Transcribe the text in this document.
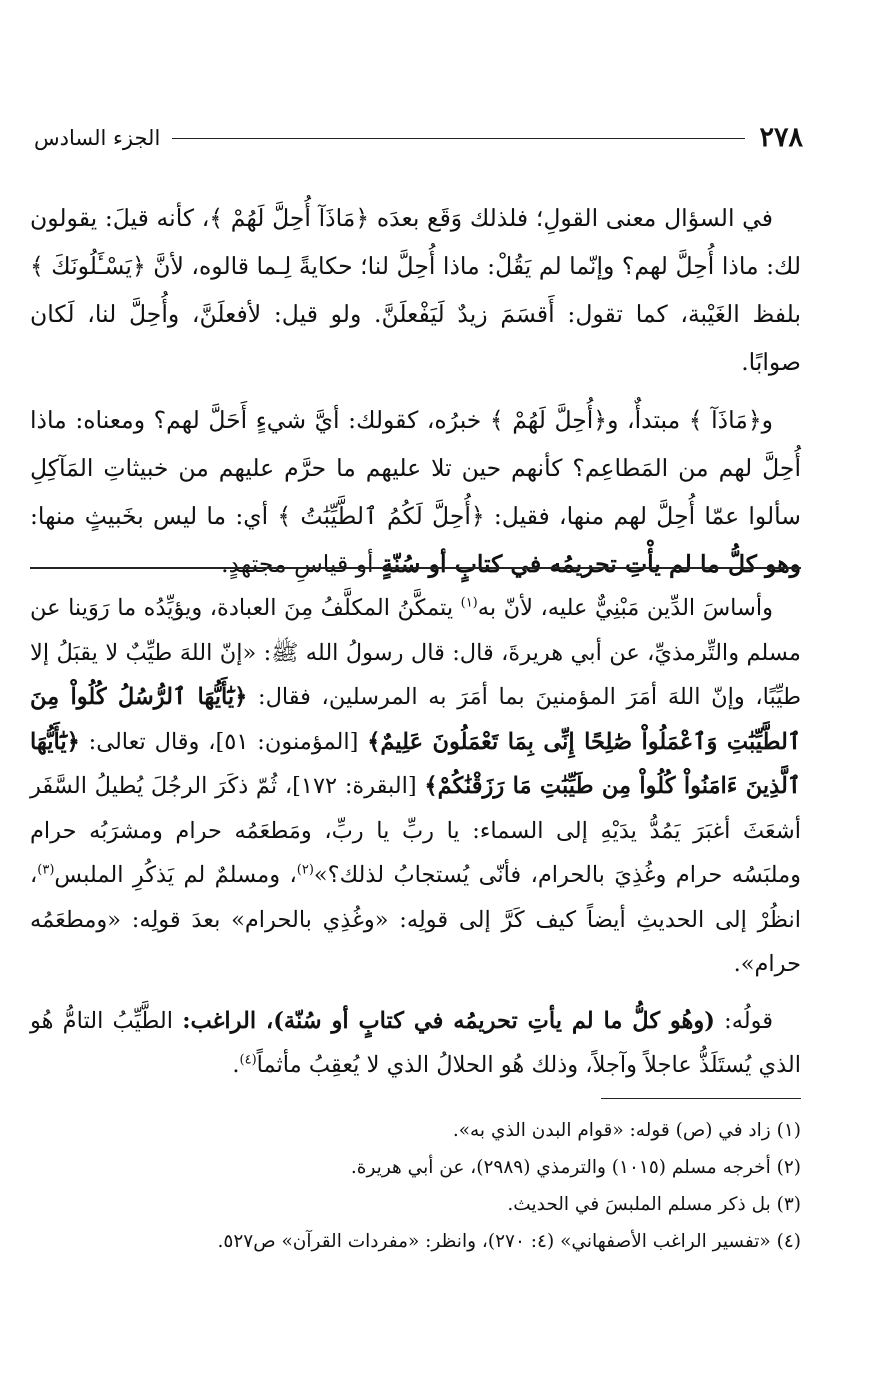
٢٧٨
الجزء السادس

في السؤال معنى القولِ؛ فلذلك وَقَع بعدَه ﴿مَاذَآ أُحِلَّ لَهُمْ ﴾، كأنه قيلَ: يقولون لك: ماذا أُحِلَّ لهم؟ وإنّما لم يَقُلْ: ماذا أُحِلَّ لنا؛ حكايةً لِـما قالوه، لأنَّ ﴿يَسْـَٔلُونَكَ ﴾ بلفظ الغَيْبة، كما تقول: أَقسَمَ زيدٌ لَيَفْعلَنَّ. ولو قيل: لأفعلَنَّ، وأُحِلَّ لنا، لَكان صوابًا.

و﴿مَاذَآ ﴾ مبتدأٌ، و﴿أُحِلَّ لَهُمْ ﴾ خبرُه، كقولك: أيَّ شيءٍ أَحَلَّ لهم؟ ومعناه: ماذا أُحِلَّ لهم من المَطاعِم؟ كأنهم حين تلا عليهم ما حرَّم عليهم من خبيثاتِ المَآكِلِ سألوا عمّا أُحِلَّ لهم منها، فقيل: ﴿أُحِلَّ لَكُمُ ٱلطَّيِّبَٰتُ ﴾ أي: ما ليس بخَبيثٍ منها: وهو كلُّ ما لم يأْتِ تحريمُه في كتابٍ أو سُنّةٍ أو قياسِ مجتهدٍ.

وأساسَ الدِّين مَبْنِيٌّ عليه، لأنّ به$^{(١)}$ يتمكَّنُ المكلَّفُ مِنَ العبادة، ويؤيِّدُه ما رَوَينا عن مسلم والتِّرمذيِّ، عن أبي هريرةَ، قال: قال رسولُ الله ﷺ: «إنّ اللهَ طيِّبٌ لا يقبَلُ إلا طيِّبًا، وإنّ اللهَ أمَرَ المؤمنينَ بما أمَرَ به المرسلين، فقال: ﴿يَٰٓأَيُّهَا ٱلرُّسُلُ كُلُواْ مِنَ ٱلطَّيِّبَٰتِ وَٱعْمَلُواْ صَٰلِحًا إِنِّى بِمَا تَعْمَلُونَ عَلِيمٌ﴾ [المؤمنون: ٥١]، وقال تعالى: ﴿يَٰٓأَيُّهَا ٱلَّذِينَ ءَامَنُواْ كُلُواْ مِن طَيِّبَٰتِ مَا رَزَقْنَٰكُمْ﴾ [البقرة: ١٧٢]، ثُمّ ذكَرَ الرجُلَ يُطيلُ السَّفَر أشعَثَ أغبَرَ يَمُدُّ يدَيْهِ إلى السماء: يا ربِّ يا ربِّ، ومَطعَمُه حرام ومشرَبُه حرام وملبَسُه حرام وغُذِيَ بالحرام، فأنّى يُستجابُ لذلك؟»$^{(٢)}$، ومسلمٌ لم يَذكُرِ الملبس$^{(٣)}$، انظُرْ إلى الحديثِ أيضاً كيف كَرَّ إلى قولِه: «وغُذِي بالحرام» بعدَ قولِه: «ومطعَمُه حرام».

قولُه: (وهُو كلُّ ما لم يأتِ تحريمُه في كتابٍ أو سُنّة)، الراغب: الطَّيِّبُ التامُّ هُو الذي يُستَلَذُّ عاجلاً وآجلاً، وذلك هُو الحلالُ الذي لا يُعقِبُ مأثماً$^{(٤)}$.

(١) زاد في (ص) قوله: «قوام البدن الذي به».
(٢) أخرجه مسلم (١٠١٥) والترمذي (٢٩٨٩)، عن أبي هريرة.
(٣) بل ذكر مسلم الملبسَ في الحديث.
(٤) «تفسير الراغب الأصفهاني» (٤: ٢٧٠)، وانظر: «مفردات القرآن» ص٥٢٧.
